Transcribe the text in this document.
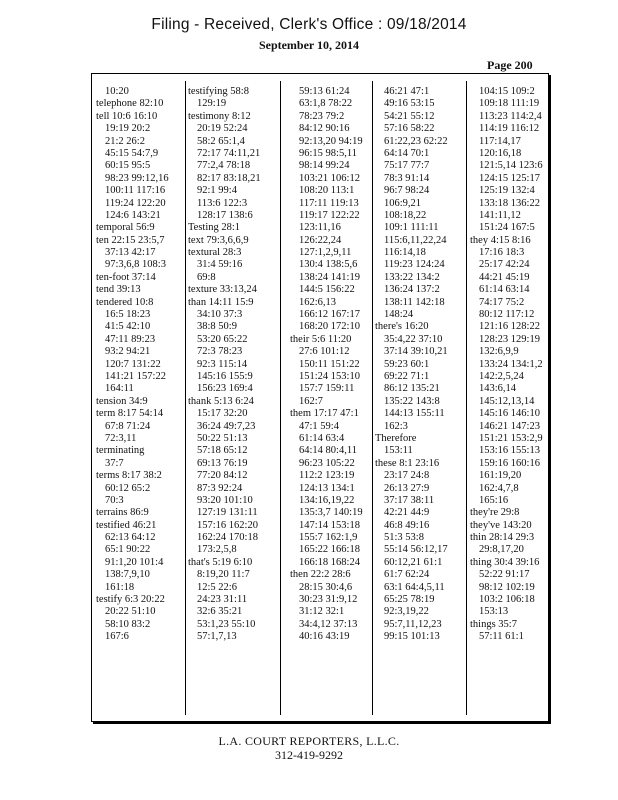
Filing - Received, Clerk's Office : 09/18/2014
September 10, 2014
Page 200
10:20
telephone 82:10
tell 10:6 16:10
19:19 20:2
21:2 26:2
45:15 54:7,9
60:15 95:5
98:23 99:12,16
100:11 117:16
119:24 122:20
124:6 143:21
temporal 56:9
ten 22:15 23:5,7
37:13 42:17
97:3,6,8 108:3
ten-foot 37:14
tend 39:13
tendered 10:8
16:5 18:23
41:5 42:10
47:11 89:23
93:2 94:21
120:7 131:22
141:21 157:22
164:11
tension 34:9
term 8:17 54:14
67:8 71:24
72:3,11
terminating
37:7
terms 8:17 38:2
60:12 65:2
70:3
terrains 86:9
testified 46:21
62:13 64:12
65:1 90:22
91:1,20 101:4
138:7,9,10
161:18
testify 6:3 20:22
20:22 51:10
58:10 83:2
167:6
testifying 58:8
129:19
testimony 8:12
20:19 52:24
58:2 65:1,4
72:17 74:11,21
77:2,4 78:18
82:17 83:18,21
92:1 99:4
113:6 122:3
128:17 138:6
Testing 28:1
text 79:3,6,6,9
textural 28:3
31:4 59:16
69:8
texture 33:13,24
than 14:11 15:9
34:10 37:3
38:8 50:9
53:20 65:22
72:3 78:23
92:3 115:14
145:16 155:9
156:23 169:4
thank 5:13 6:24
15:17 32:20
36:24 49:7,23
50:22 51:13
57:18 65:12
69:13 76:19
77:20 84:12
87:3 92:24
93:20 101:10
127:19 131:11
157:16 162:20
162:24 170:18
173:2,5,8
that's 5:19 6:10
8:19,20 11:7
12:5 22:6
24:23 31:11
32:6 35:21
53:1,23 55:10
57:1,7,13
59:13 61:24
63:1,8 78:22
78:23 79:2
84:12 90:16
92:13,20 94:19
96:15 98:5,11
98:14 99:24
103:21 106:12
108:20 113:1
117:11 119:13
119:17 122:22
123:11,16
126:22,24
127:1,2,9,11
130:4 138:5,6
138:24 141:19
144:5 156:22
162:6,13
166:12 167:17
168:20 172:10
their 5:6 11:20
27:6 101:12
150:11 151:22
151:24 153:10
157:7 159:11
162:7
them 17:17 47:1
47:1 59:4
61:14 63:4
64:14 80:4,11
96:23 105:22
112:2 123:19
124:13 134:1
134:16,19,22
135:3,7 140:19
147:14 153:18
155:7 162:1,9
165:22 166:18
166:18 168:24
then 22:2 28:6
28:15 30:4,6
30:23 31:9,12
31:12 32:1
34:4,12 37:13
40:16 43:19
46:21 47:1
49:16 53:15
54:21 55:12
57:16 58:22
61:22,23 62:22
64:14 70:1
75:17 77:7
78:3 91:14
96:7 98:24
106:9,21
108:18,22
109:1 111:11
115:6,11,22,24
116:14,18
119:23 124:24
133:22 134:2
136:24 137:2
138:11 142:18
148:24
there's 16:20
35:4,22 37:10
37:14 39:10,21
59:23 60:1
69:22 71:1
86:12 135:21
135:22 143:8
144:13 155:11
162:3
Therefore
153:11
these 8:1 23:16
23:17 24:8
26:13 27:9
37:17 38:11
42:21 44:9
46:8 49:16
51:3 53:8
55:14 56:12,17
60:12,21 61:1
61:7 62:24
63:1 64:4,5,11
65:25 78:19
92:3,19,22
95:7,11,12,23
99:15 101:13
104:15 109:2
109:18 111:19
113:23 114:2,4
114:19 116:12
117:14,17
120:16,18
121:5,14 123:6
124:15 125:17
125:19 132:4
133:18 136:22
141:11,12
151:24 167:5
they 4:15 8:16
17:16 18:3
25:17 42:24
44:21 45:19
61:14 63:14
74:17 75:2
80:12 117:12
121:16 128:22
128:23 129:19
132:6,9,9
133:24 134:1,2
142:2,5,24
143:6,14
145:12,13,14
145:16 146:10
146:21 147:23
151:21 153:2,9
153:16 155:13
159:16 160:16
161:19,20
162:4,7,8
165:16
they're 29:8
they've 143:20
thin 28:14 29:3
29:8,17,20
thing 30:4 39:16
52:22 91:17
98:12 102:19
103:2 106:18
153:13
things 35:7
57:11 61:1
L.A. COURT REPORTERS, L.L.C.
312-419-9292
